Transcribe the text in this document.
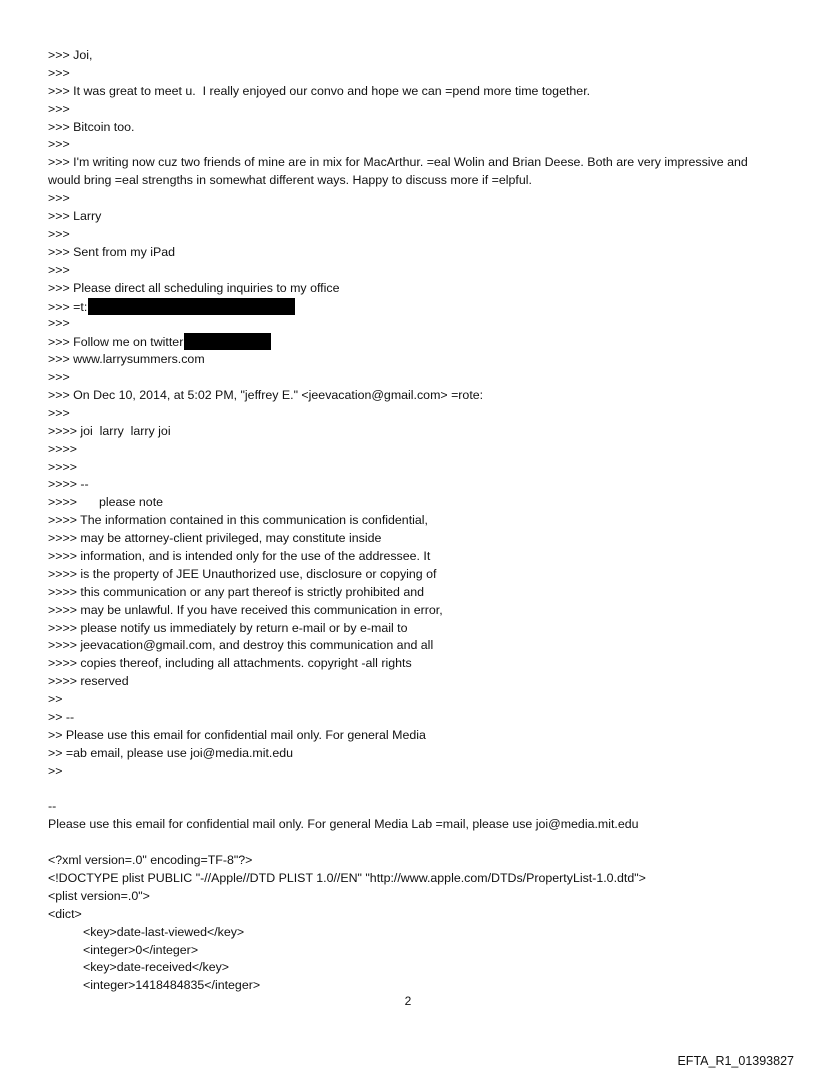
>>> Joi,
>>>
>>> It was great to meet u.  I really enjoyed our convo and hope we can =pend more time together.
>>>
>>> Bitcoin too.
>>>
>>> I'm writing now cuz two friends of mine are in mix for MacArthur. =eal Wolin and Brian Deese. Both are very impressive and would bring =eal strengths in somewhat different ways. Happy to discuss more if =elpful.
>>>
>>> Larry
>>>
>>> Sent from my iPad
>>>
>>> Please direct all scheduling inquiries to my office
>>> =t:
>>>
>>> Follow me on twitter
>>> www.larrysummers.com
>>>
>>> On Dec 10, 2014, at 5:02 PM, "jeffrey E." <jeevacation@gmail.com> =rote:
>>>
>>>> joi  larry  larry joi
>>>>
>>>>
>>>> --
>>>> please note
>>>> The information contained in this communication is confidential,
>>>> may be attorney-client privileged, may constitute inside
>>>> information, and is intended only for the use of the addressee. It
>>>> is the property of JEE Unauthorized use, disclosure or copying of
>>>> this communication or any part thereof is strictly prohibited and
>>>> may be unlawful. If you have received this communication in error,
>>>> please notify us immediately by return e-mail or by e-mail to
>>>> jeevacation@gmail.com, and destroy this communication and all
>>>> copies thereof, including all attachments. copyright -all rights
>>>> reserved
>>
>> --
>> Please use this email for confidential mail only. For general Media
>> =ab email, please use joi@media.mit.edu
>>
--
Please use this email for confidential mail only. For general Media Lab =mail, please use joi@media.mit.edu
<?xml version=.0" encoding=TF-8"?>
<!DOCTYPE plist PUBLIC "-//Apple//DTD PLIST 1.0//EN" "http://www.apple.com/DTDs/PropertyList-1.0.dtd">
<plist version=.0">
<dict>
<key>date-last-viewed</key>
<integer>0</integer>
<key>date-received</key>
<integer>1418484835</integer>
2
EFTA_R1_01393827
